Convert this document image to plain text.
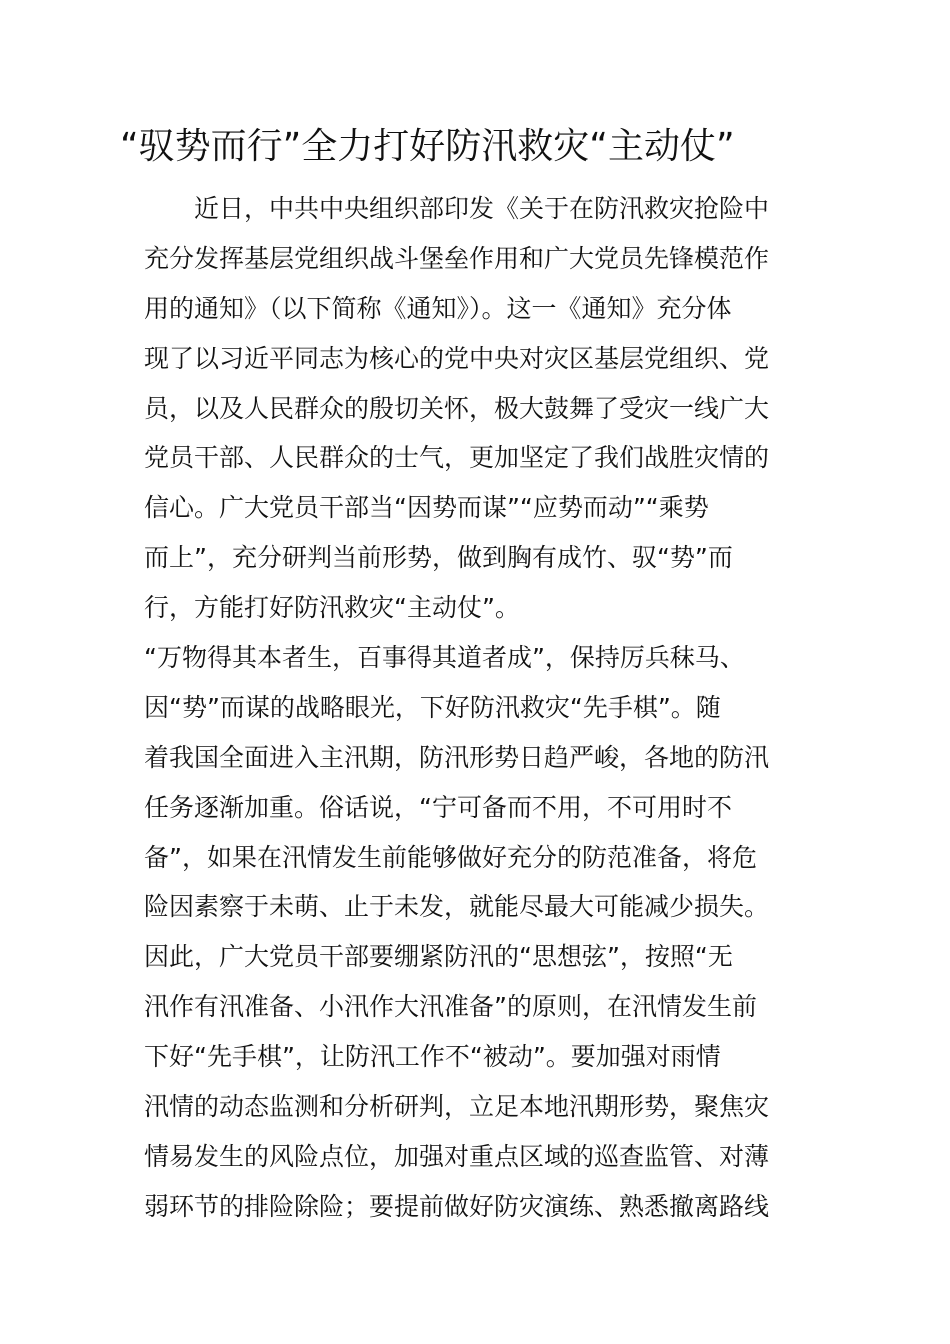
“驭势而行”全力打好防汛救灾“主动仗”
　　近日，中共中央组织部印发《关于在防汛救灾抢险中
充分发挥基层党组织战斗堡垒作用和广大党员先锋模范作
用的通知》（以下简称《通知》）。这一《通知》充分体
现了以习近平同志为核心的党中央对灾区基层党组织、党
员，以及人民群众的殷切关怀，极大鼓舞了受灾一线广大
党员干部、人民群众的士气，更加坚定了我们战胜灾情的
信心。广大党员干部当“因势而谋”“应势而动”“乘势
而上”，充分研判当前形势，做到胸有成竹、驭“势”而
行，方能打好防汛救灾“主动仗”。
“万物得其本者生，百事得其道者成”，保持厉兵秣马、
因“势”而谋的战略眼光，下好防汛救灾“先手棋”。随
着我国全面进入主汛期，防汛形势日趋严峻，各地的防汛
任务逐渐加重。俗话说，“宁可备而不用，不可用时不
备”，如果在汛情发生前能够做好充分的防范准备，将危
险因素察于未萌、止于未发，就能尽最大可能减少损失。
因此，广大党员干部要绷紧防汛的“思想弦”，按照“无
汛作有汛准备、小汛作大汛准备”的原则，在汛情发生前
下好“先手棋”，让防汛工作不“被动”。要加强对雨情
汛情的动态监测和分析研判，立足本地汛期形势，聚焦灾
情易发生的风险点位，加强对重点区域的巡查监管、对薄
弱环节的排险除险；要提前做好防灾演练、熟悉撤离路线
